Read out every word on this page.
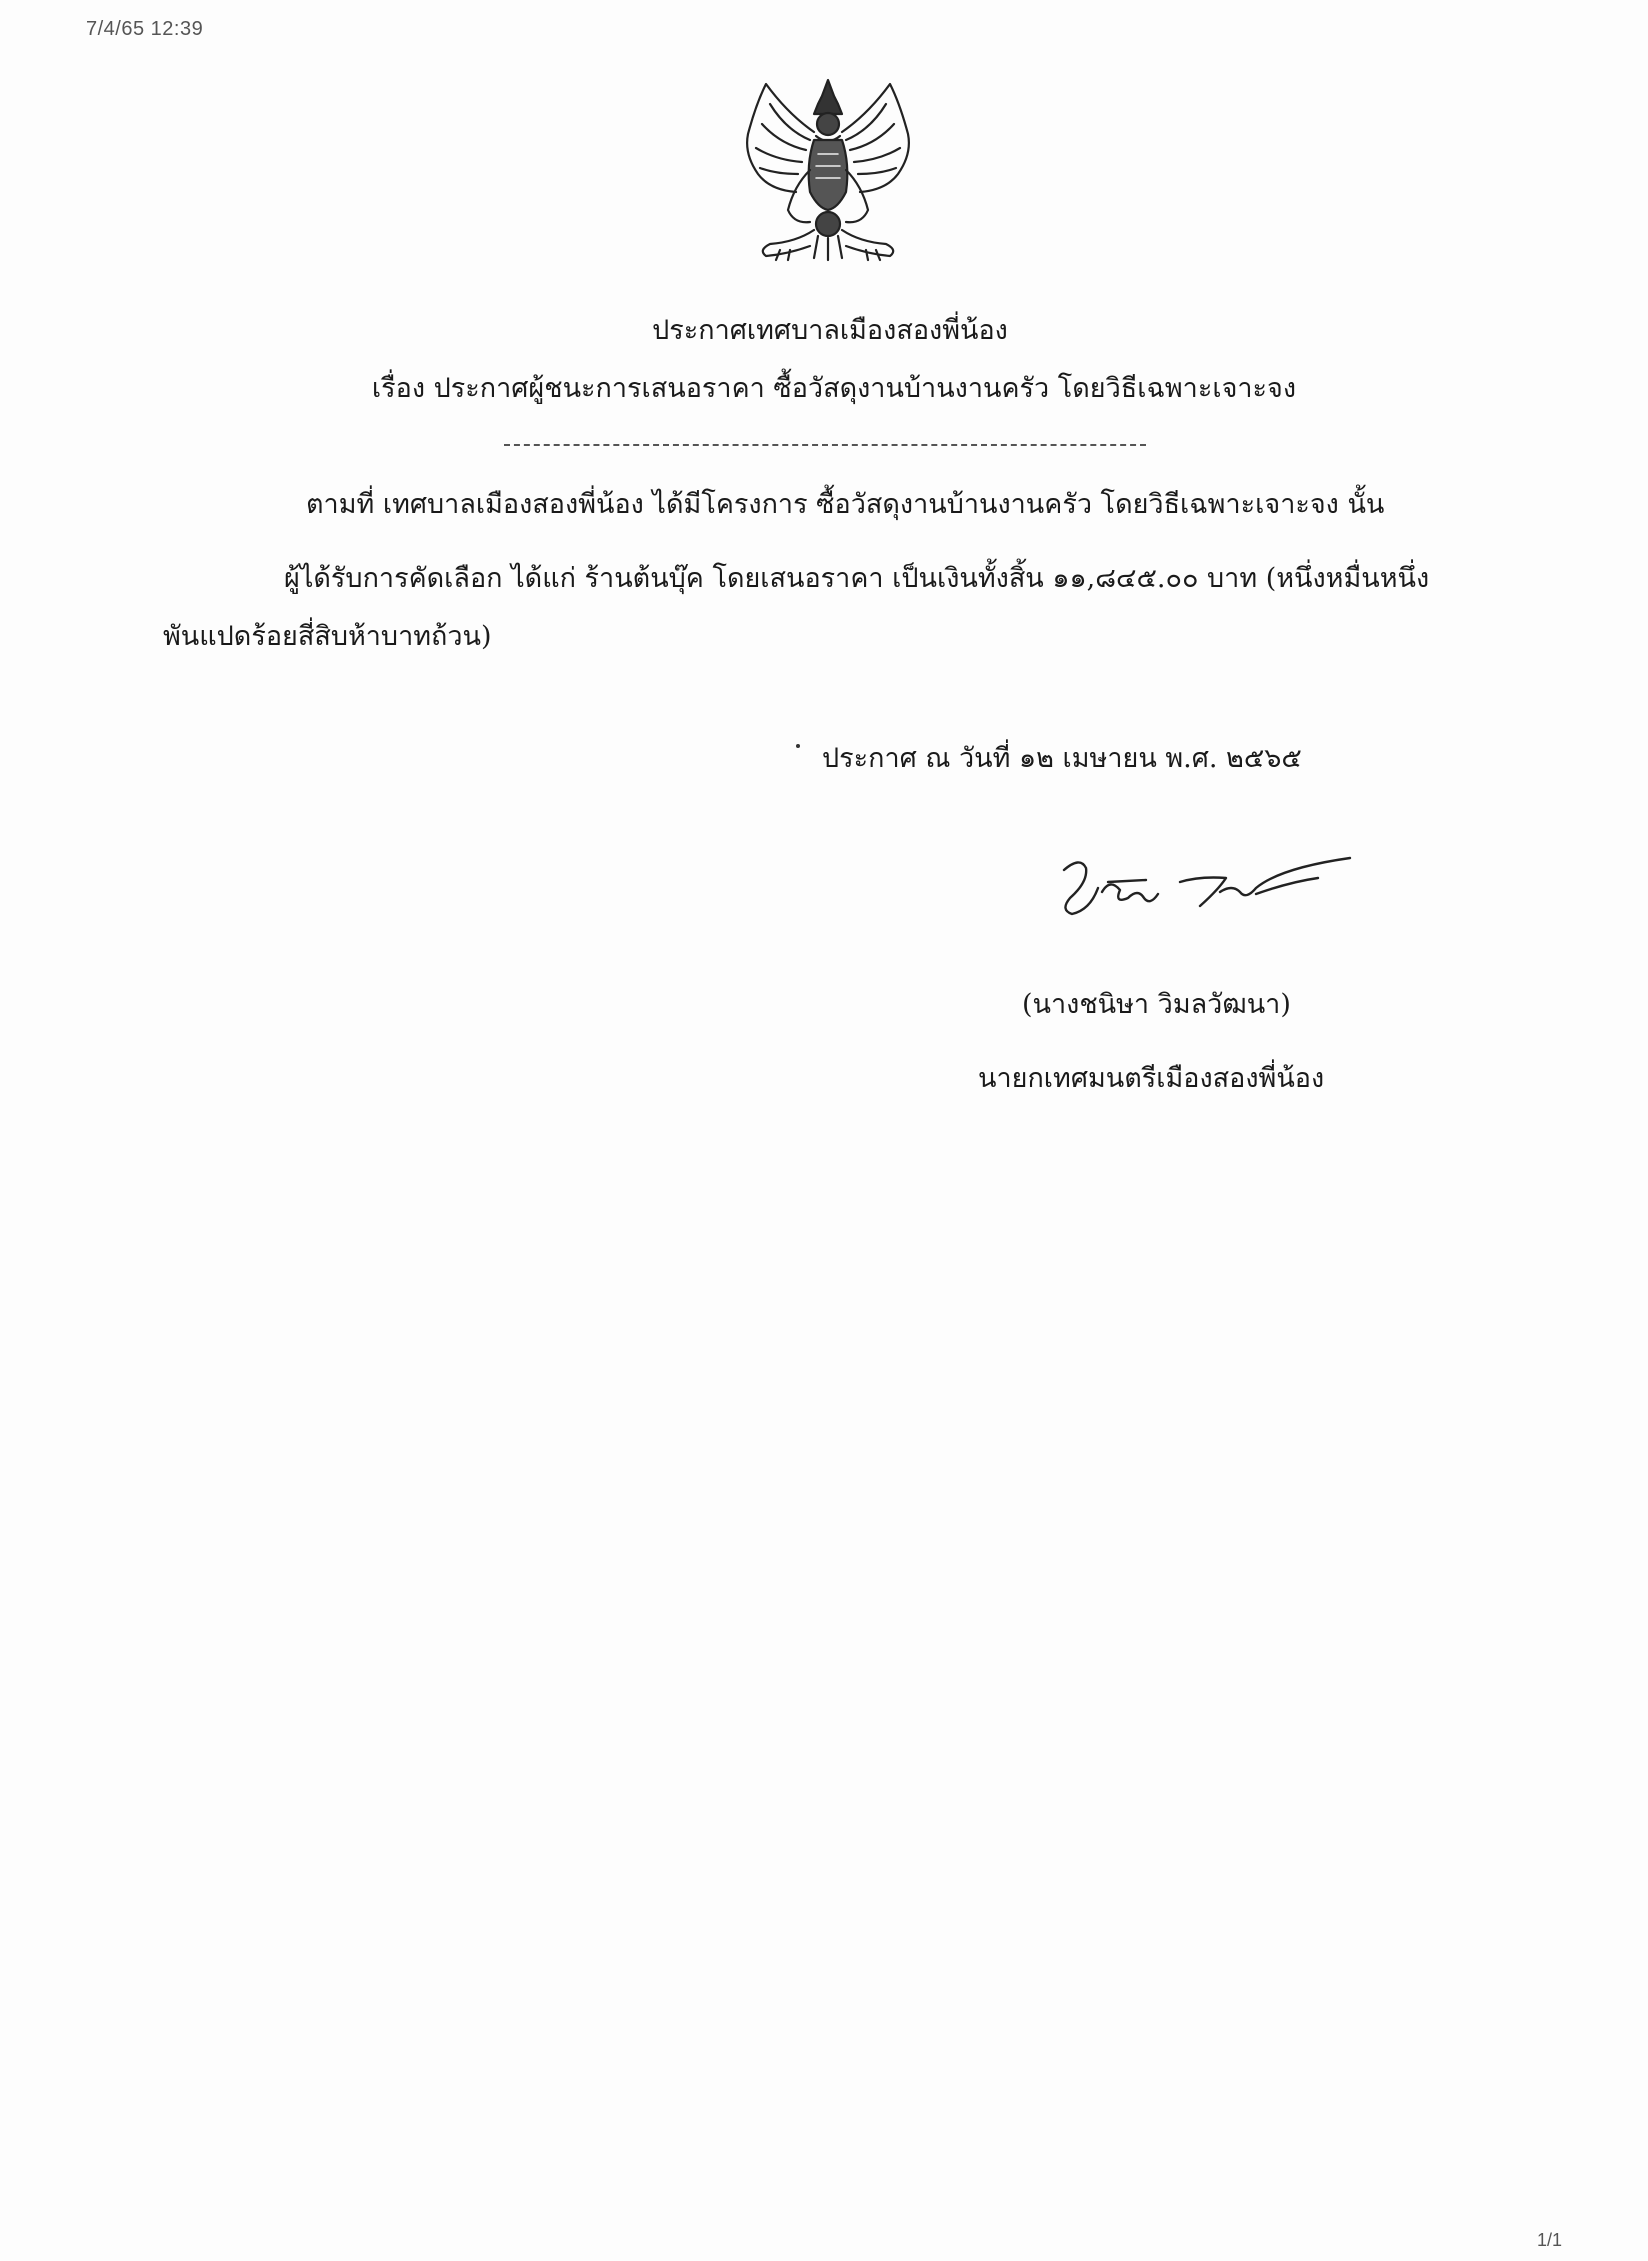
7/4/65 12:39
ประกาศเทศบาลเมืองสองพี่น้อง
เรื่อง ประกาศผู้ชนะการเสนอราคา ซื้อวัสดุงานบ้านงานครัว โดยวิธีเฉพาะเจาะจง
ตามที่ เทศบาลเมืองสองพี่น้อง ได้มีโครงการ ซื้อวัสดุงานบ้านงานครัว โดยวิธีเฉพาะเจาะจง นั้น
ผู้ได้รับการคัดเลือก ได้แก่ ร้านต้นบุ๊ค โดยเสนอราคา เป็นเงินทั้งสิ้น ๑๑,๘๔๕.๐๐ บาท (หนึ่งหมื่นหนึ่ง
พันแปดร้อยสี่สิบห้าบาทถ้วน)
ประกาศ ณ วันที่ ๑๒ เมษายน พ.ศ. ๒๕๖๕
(นางชนิษา วิมลวัฒนา)
นายกเทศมนตรีเมืองสองพี่น้อง
1/1
